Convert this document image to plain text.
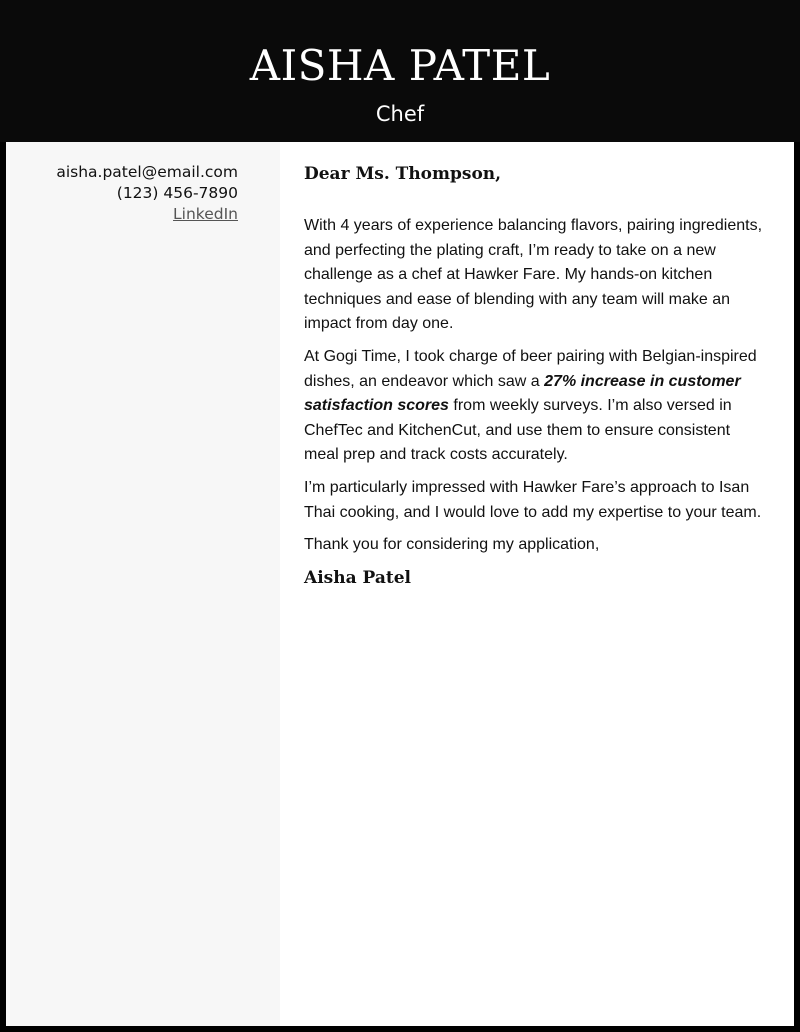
AISHA PATEL
Chef
aisha.patel@email.com
(123) 456-7890
LinkedIn
Dear Ms. Thompson,

With 4 years of experience balancing flavors, pairing ingredients, and perfecting the plating craft, I’m ready to take on a new challenge as a chef at Hawker Fare. My hands-on kitchen techniques and ease of blending with any team will make an impact from day one.

At Gogi Time, I took charge of beer pairing with Belgian-inspired dishes, an endeavor which saw a 27% increase in customer satisfaction scores from weekly surveys. I’m also versed in ChefTec and KitchenCut, and use them to ensure consistent meal prep and track costs accurately.

I’m particularly impressed with Hawker Fare’s approach to Isan Thai cooking, and I would love to add my expertise to your team.

Thank you for considering my application,

Aisha Patel
